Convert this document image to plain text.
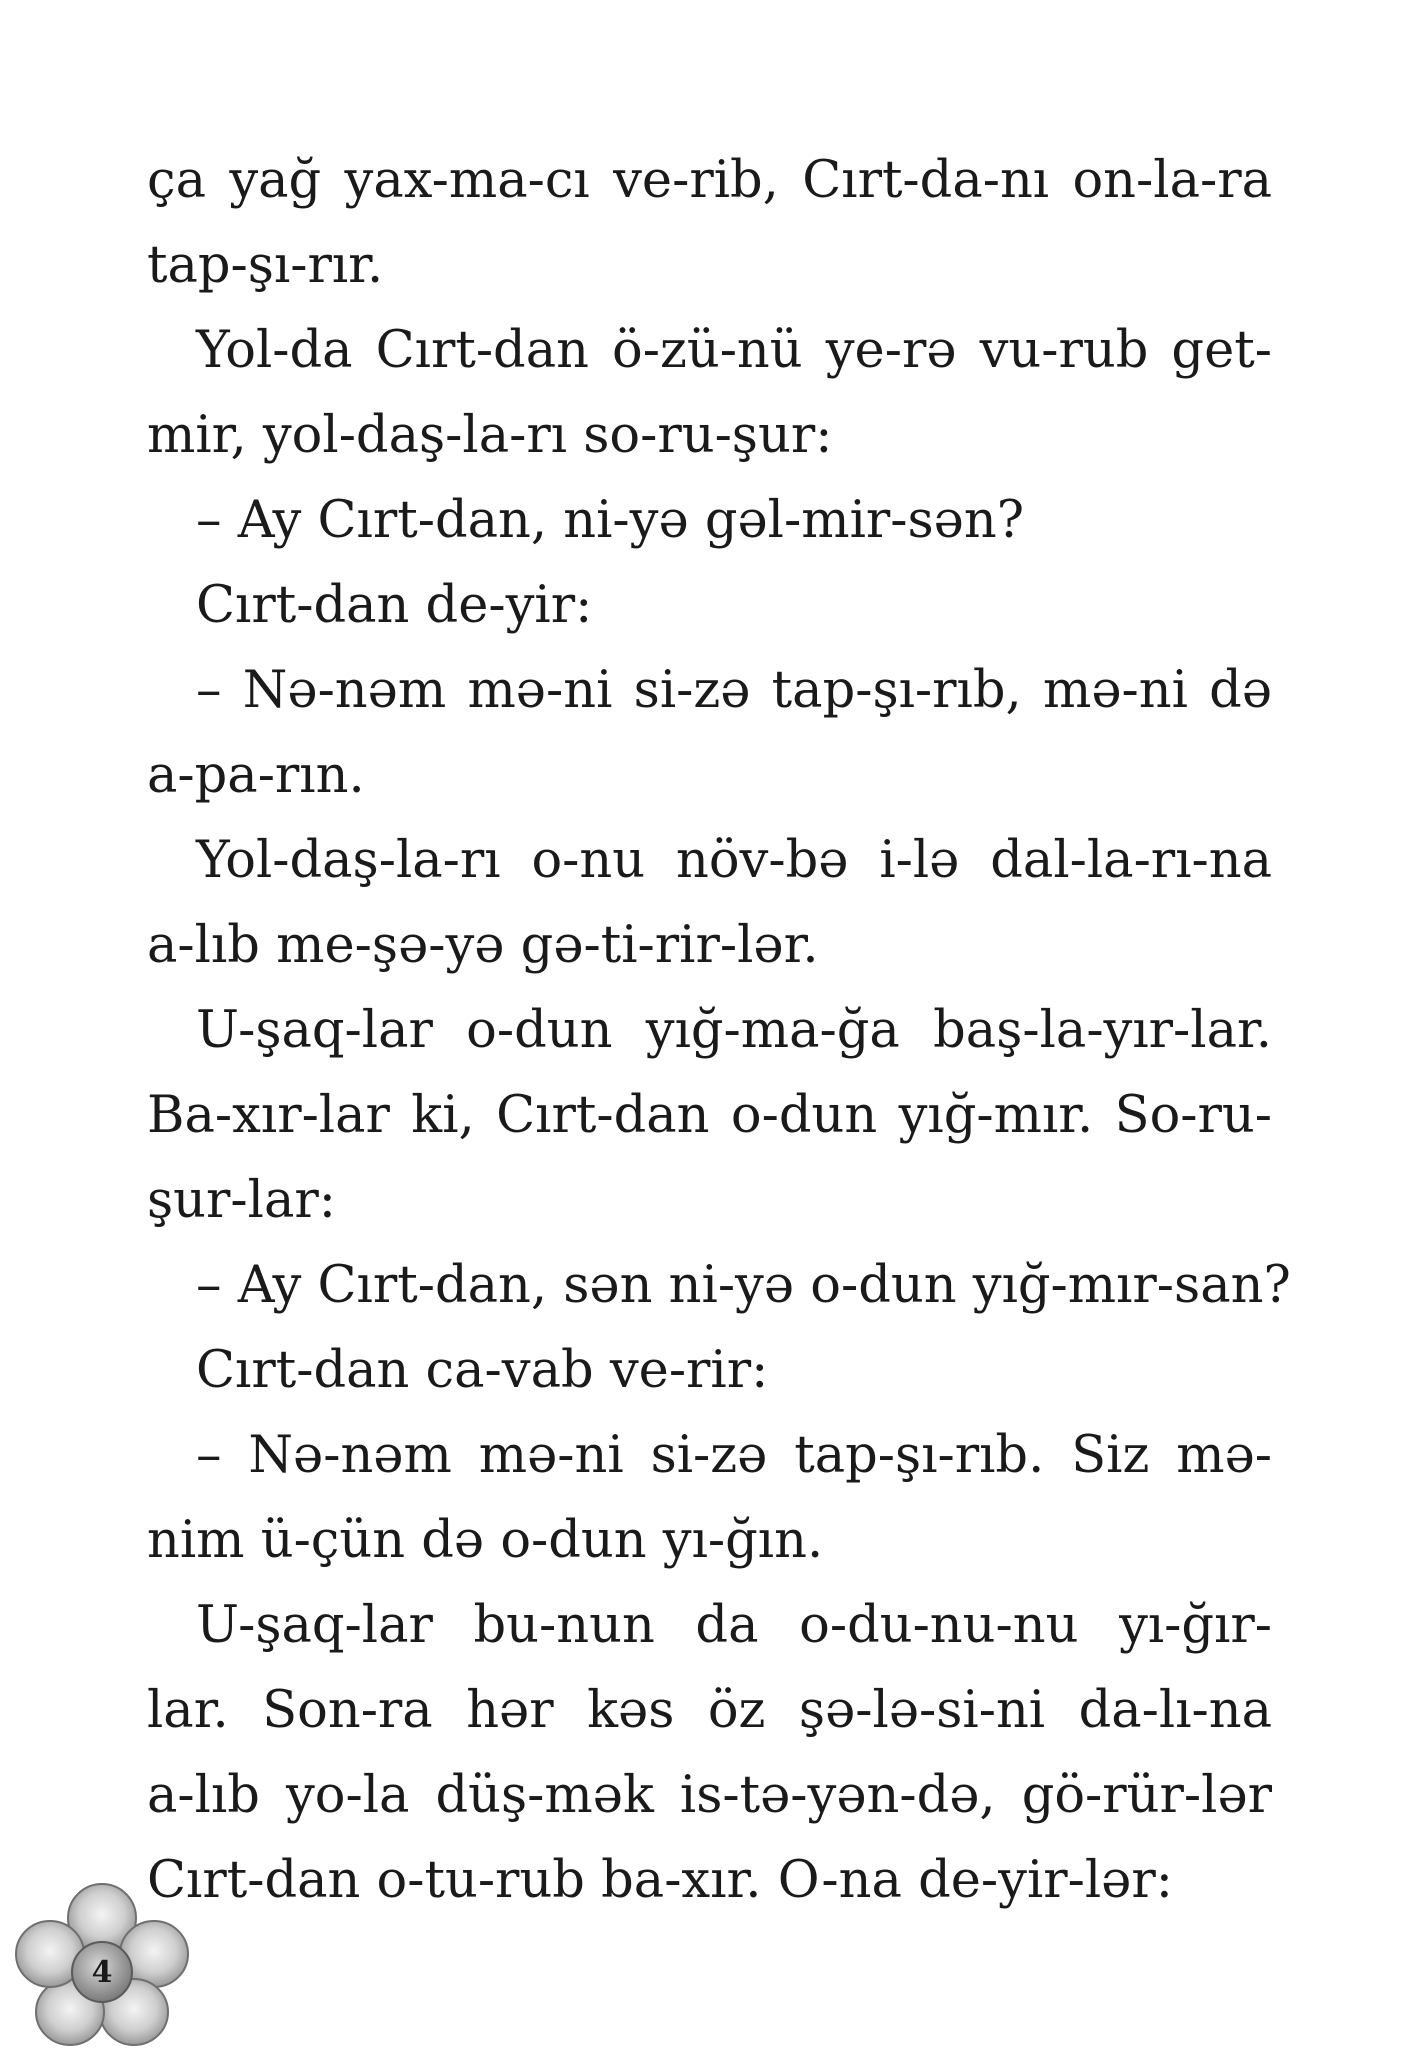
ça yağ yax-ma-cı ve-rib, Cırt-da-nı on-la-ra
tap-şı-rır.
Yol-da Cırt-dan ö-zü-nü ye-rə vu-rub get-
mir, yol-daş-la-rı so-ru-şur:
– Ay Cırt-dan, ni-yə gəl-mir-sən?
Cırt-dan de-yir:
– Nə-nəm mə-ni si-zə tap-şı-rıb, mə-ni də
a-pa-rın.
Yol-daş-la-rı o-nu növ-bə i-lə dal-la-rı-na
a-lıb me-şə-yə gə-ti-rir-lər.
U-şaq-lar o-dun yığ-ma-ğa baş-la-yır-lar.
Ba-xır-lar ki, Cırt-dan o-dun yığ-mır. So-ru-
şur-lar:
– Ay Cırt-dan, sən ni-yə o-dun yığ-mır-san?
Cırt-dan ca-vab ve-rir:
– Nə-nəm mə-ni si-zə tap-şı-rıb. Siz mə-
nim ü-çün də o-dun yı-ğın.
U-şaq-lar bu-nun da o-du-nu-nu yı-ğır-
lar. Son-ra hər kəs öz şə-lə-si-ni da-lı-na
a-lıb yo-la düş-mək is-tə-yən-də, gö-rür-lər
Cırt-dan o-tu-rub ba-xır. O-na de-yir-lər:
4
